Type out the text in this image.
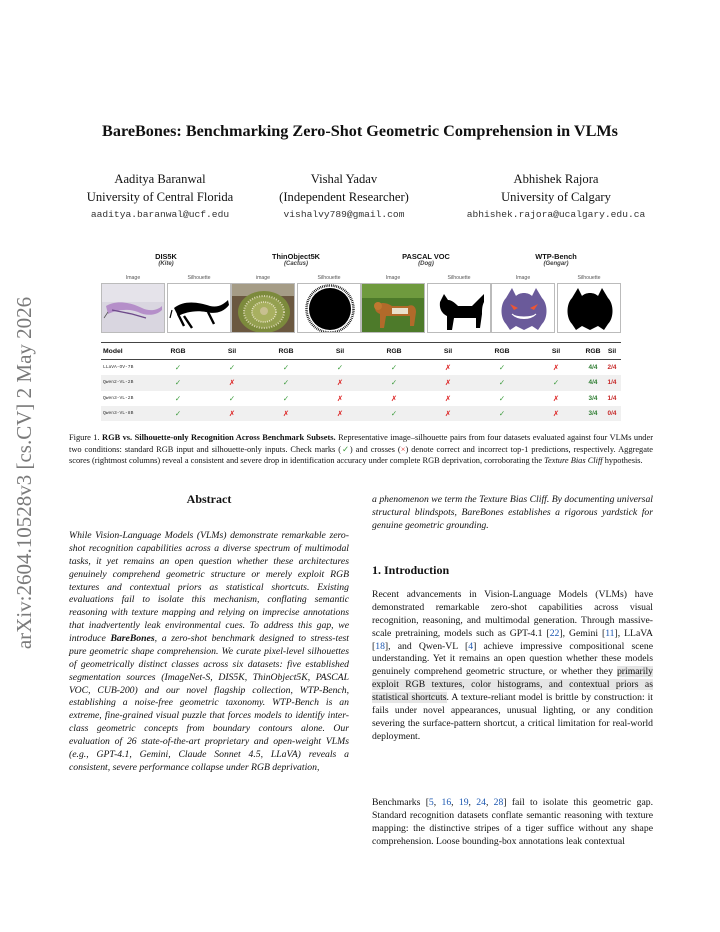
arXiv:2604.10528v3 [cs.CV] 2 May 2026
BareBones: Benchmarking Zero-Shot Geometric Comprehension in VLMs
Aaditya Baranwal
University of Central Florida
aaditya.baranwal@ucf.edu
Vishal Yadav
(Independent Researcher)
vishalvy789@gmail.com
Abhishek Rajora
University of Calgary
abhishek.rajora@ucalgary.edu.ca
DIS5K
(Kite)
ThinObject5K
(Cactus)
PASCAL VOC
(Dog)
WTP-Bench
(Gengar)
Image	Silhouette	image	Silhouette	Image	Silhouette	Image	Silhouette
Model	RGB	Sil	RGB	Sil	RGB	Sil	RGB	Sil	RGB	Sil
LLaVA-OV-7B	✓	✓	✓	✓	✓	✗	✓	✗	4/4	2/4
Qwen2-VL-2B	✓	✗	✓	✗	✓	✗	✓	✓	4/4	1/4
Qwen3-VL-2B	✓	✓	✓	✗	✗	✗	✓	✗	3/4	1/4
Qwen3-VL-8B	✓	✗	✗	✗	✓	✗	✓	✗	3/4	0/4
Figure 1. RGB vs. Silhouette-only Recognition Across Benchmark Subsets. Representative image–silhouette pairs from four datasets evaluated against four VLMs under two conditions: standard RGB input and silhouette-only inputs. Check marks (✓) and crosses (×) denote correct and incorrect top-1 predictions, respectively. Aggregate scores (rightmost columns) reveal a consistent and severe drop in identification accuracy under complete RGB deprivation, corroborating the Texture Bias Cliff hypothesis.
Abstract
While Vision-Language Models (VLMs) demonstrate remarkable zero-shot recognition capabilities across a diverse spectrum of multimodal tasks, it yet remains an open question whether these architectures genuinely comprehend geometric structure or merely exploit RGB textures and contextual priors as statistical shortcuts. Existing evaluations fail to isolate this mechanism, conflating semantic reasoning with texture mapping and relying on imprecise annotations that inadvertently leak environmental cues. To address this gap, we introduce BareBones, a zero-shot benchmark designed to stress-test pure geometric shape comprehension. We curate pixel-level silhouettes of geometrically distinct classes across six datasets: five established segmentation sources (ImageNet-S, DIS5K, ThinObject5K, PASCAL VOC, CUB-200) and our novel flagship collection, WTP-Bench, establishing a noise-free geometric taxonomy. WTP-Bench is an extreme, fine-grained visual puzzle that forces models to identify inter-class geometric concepts from boundary contours alone. Our evaluation of 26 state-of-the-art proprietary and open-weight VLMs (e.g., GPT-4.1, Gemini, Claude Sonnet 4.5, LLaVA) reveals a consistent, severe performance collapse under RGB deprivation,
a phenomenon we term the Texture Bias Cliff. By documenting universal structural blindspots, BareBones establishes a rigorous yardstick for genuine geometric grounding.
1. Introduction
Recent advancements in Vision-Language Models (VLMs) have demonstrated remarkable zero-shot capabilities across visual recognition, reasoning, and multimodal generation. Through massive-scale pretraining, models such as GPT-4.1 [22], Gemini [11], LLaVA [18], and Qwen-VL [4] achieve impressive compositional scene understanding. Yet it remains an open question whether these models genuinely comprehend geometric structure, or whether they primarily exploit RGB textures, color histograms, and contextual priors as statistical shortcuts. A texture-reliant model is brittle by construction: it fails under novel appearances, unusual lighting, or any condition severing the surface-pattern shortcut, a critical limitation for real-world deployment.
Benchmarks [5, 16, 19, 24, 28] fail to isolate this geometric gap. Standard recognition datasets conflate semantic reasoning with texture mapping: the distinctive stripes of a tiger suffice without any shape comprehension. Loose bounding-box annotations leak contextual
